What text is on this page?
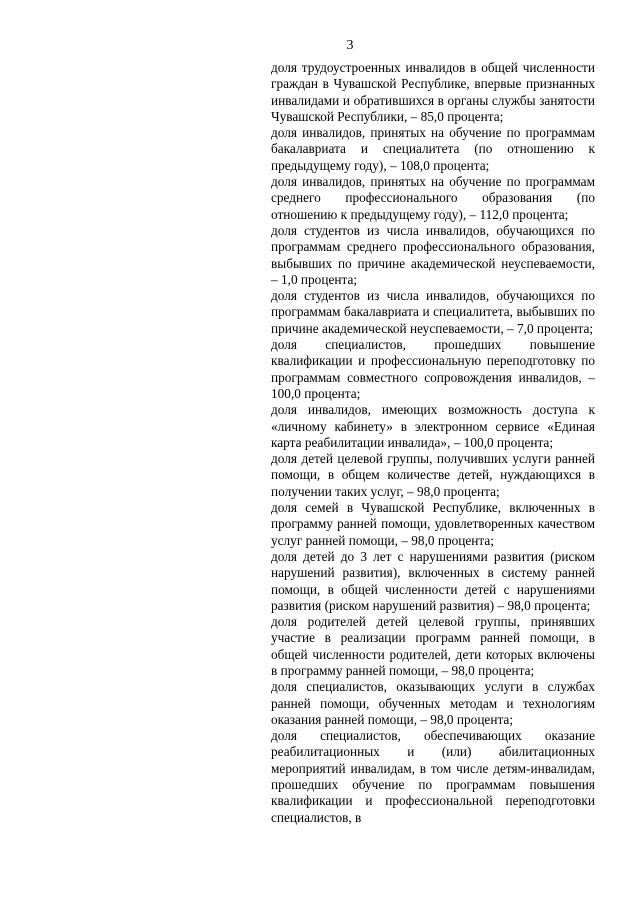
3

доля трудоустроенных инвалидов в общей численности граждан в Чувашской Республике, впервые признанных инвалидами и обратившихся в органы службы занятости Чувашской Республики, – 85,0 процента;

доля инвалидов, принятых на обучение по программам бакалавриата и специалитета (по отношению к предыдущему году), – 108,0 процента;

доля инвалидов, принятых на обучение по программам среднего профессионального образования (по отношению к предыдущему году), – 112,0 процента;

доля студентов из числа инвалидов, обучающихся по программам среднего профессионального образования, выбывших по причине академической неуспеваемости, – 1,0 процента;

доля студентов из числа инвалидов, обучающихся по программам бакалавриата и специалитета, выбывших по причине академической неуспеваемости, – 7,0 процента;

доля специалистов, прошедших повышение квалификации и профессиональную переподготовку по программам совместного сопровождения инвалидов, – 100,0 процента;

доля инвалидов, имеющих возможность доступа к «личному кабинету» в электронном сервисе «Единая карта реабилитации инвалида», – 100,0 процента;

доля детей целевой группы, получивших услуги ранней помощи, в общем количестве детей, нуждающихся в получении таких услуг, – 98,0 процента;

доля семей в Чувашской Республике, включенных в программу ранней помощи, удовлетворенных качеством услуг ранней помощи, – 98,0 процента;

доля детей до 3 лет с нарушениями развития (риском нарушений развития), включенных в систему ранней помощи, в общей численности детей с нарушениями развития (риском нарушений развития) – 98,0 процента;

доля родителей детей целевой группы, принявших участие в реализации программ ранней помощи, в общей численности родителей, дети которых включены в программу ранней помощи, – 98,0 процента;

доля специалистов, оказывающих услуги в службах ранней помощи, обученных методам и технологиям оказания ранней помощи, – 98,0 процента;

доля специалистов, обеспечивающих оказание реабилитационных и (или) абилитационных мероприятий инвалидам, в том числе детям-инвалидам, прошедших обучение по программам повышения квалификации и профессиональной переподготовки специалистов, в
